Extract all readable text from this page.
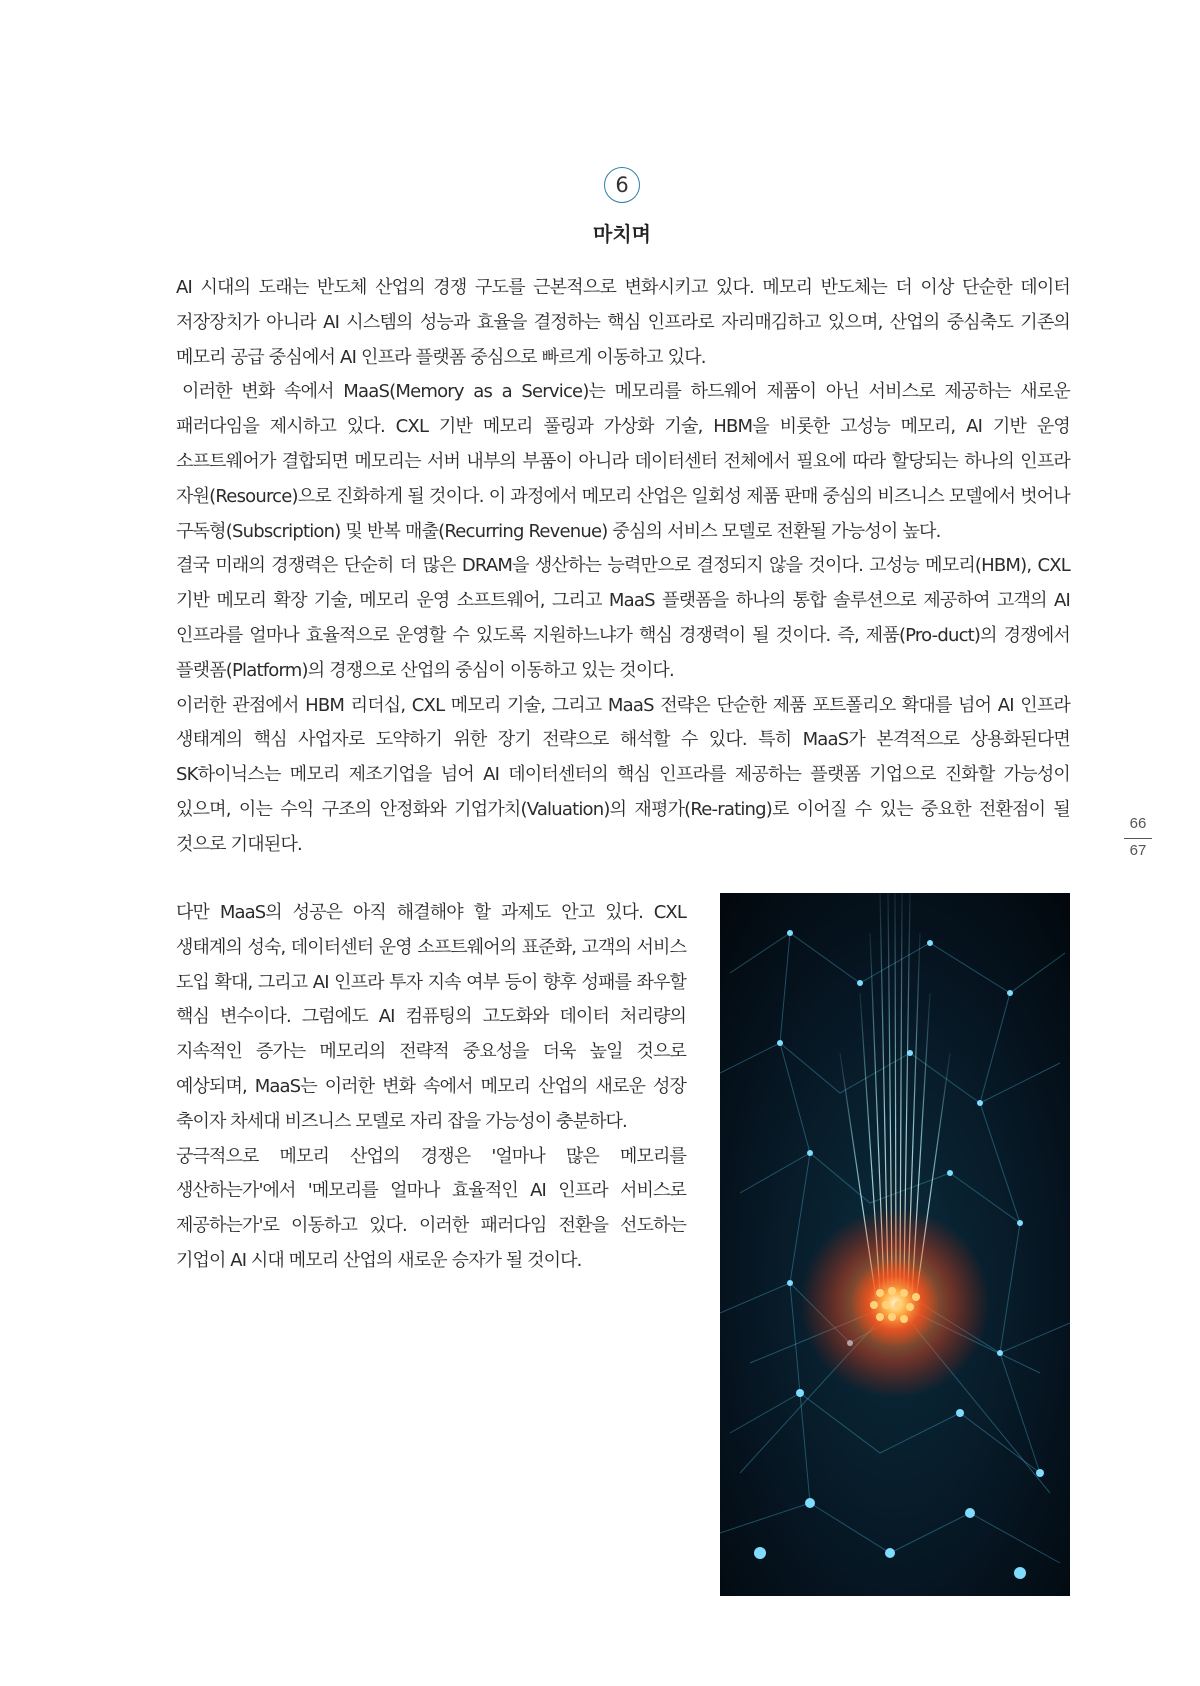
6
마치며

AI 시대의 도래는 반도체 산업의 경쟁 구도를 근본적으로 변화시키고 있다. 메모리 반도체는 더 이상 단순한 데이터 저장장치가 아니라 AI 시스템의 성능과 효율을 결정하는 핵심 인프라로 자리매김하고 있으며, 산업의 중심축도 기존의 메모리 공급 중심에서 AI 인프라 플랫폼 중심으로 빠르게 이동하고 있다.

이러한 변화 속에서 MaaS(Memory as a Service)는 메모리를 하드웨어 제품이 아닌 서비스로 제공하는 새로운 패러다임을 제시하고 있다. CXL 기반 메모리 풀링과 가상화 기술, HBM을 비롯한 고성능 메모리, AI 기반 운영 소프트웨어가 결합되면 메모리는 서버 내부의 부품이 아니라 데이터센터 전체에서 필요에 따라 할당되는 하나의 인프라 자원(Resource)으로 진화하게 될 것이다. 이 과정에서 메모리 산업은 일회성 제품 판매 중심의 비즈니스 모델에서 벗어나 구독형(Subscription) 및 반복 매출(Recurring Revenue) 중심의 서비스 모델로 전환될 가능성이 높다.

결국 미래의 경쟁력은 단순히 더 많은 DRAM을 생산하는 능력만으로 결정되지 않을 것이다. 고성능 메모리(HBM), CXL 기반 메모리 확장 기술, 메모리 운영 소프트웨어, 그리고 MaaS 플랫폼을 하나의 통합 솔루션으로 제공하여 고객의 AI 인프라를 얼마나 효율적으로 운영할 수 있도록 지원하느냐가 핵심 경쟁력이 될 것이다. 즉, 제품(Pro-duct)의 경쟁에서 플랫폼(Platform)의 경쟁으로 산업의 중심이 이동하고 있는 것이다.

이러한 관점에서 HBM 리더십, CXL 메모리 기술, 그리고 MaaS 전략은 단순한 제품 포트폴리오 확대를 넘어 AI 인프라 생태계의 핵심 사업자로 도약하기 위한 장기 전략으로 해석할 수 있다. 특히 MaaS가 본격적으로 상용화된다면 SK하이닉스는 메모리 제조기업을 넘어 AI 데이터센터의 핵심 인프라를 제공하는 플랫폼 기업으로 진화할 가능성이 있으며, 이는 수익 구조의 안정화와 기업가치(Valuation)의 재평가(Re-rating)로 이어질 수 있는 중요한 전환점이 될 것으로 기대된다.

다만 MaaS의 성공은 아직 해결해야 할 과제도 안고 있다. CXL 생태계의 성숙, 데이터센터 운영 소프트웨어의 표준화, 고객의 서비스 도입 확대, 그리고 AI 인프라 투자 지속 여부 등이 향후 성패를 좌우할 핵심 변수이다. 그럼에도 AI 컴퓨팅의 고도화와 데이터 처리량의 지속적인 증가는 메모리의 전략적 중요성을 더욱 높일 것으로 예상되며, MaaS는 이러한 변화 속에서 메모리 산업의 새로운 성장 축이자 차세대 비즈니스 모델로 자리 잡을 가능성이 충분하다.

궁극적으로 메모리 산업의 경쟁은 '얼마나 많은 메모리를 생산하는가'에서 '메모리를 얼마나 효율적인 AI 인프라 서비스로 제공하는가'로 이동하고 있다. 이러한 패러다임 전환을 선도하는 기업이 AI 시대 메모리 산업의 새로운 승자가 될 것이다.

66
67
